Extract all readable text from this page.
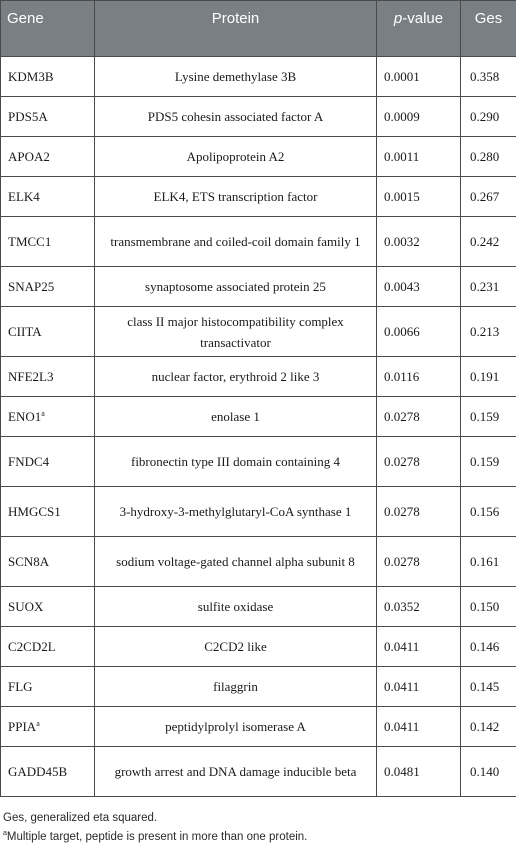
Gene	Protein	p-value	Ges
KDM3B	Lysine demethylase 3B	0.0001	0.358
PDS5A	PDS5 cohesin associated factor A	0.0009	0.290
APOA2	Apolipoprotein A2	0.0011	0.280
ELK4	ELK4, ETS transcription factor	0.0015	0.267
TMCC1	transmembrane and coiled-coil domain family 1	0.0032	0.242
SNAP25	synaptosome associated protein 25	0.0043	0.231
CIITA	class II major histocompatibility complex transactivator	0.0066	0.213
NFE2L3	nuclear factor, erythroid 2 like 3	0.0116	0.191
ENO1$^a$	enolase 1	0.0278	0.159
FNDC4	fibronectin type III domain containing 4	0.0278	0.159
HMGCS1	3-hydroxy-3-methylglutaryl-CoA synthase 1	0.0278	0.156
SCN8A	sodium voltage-gated channel alpha subunit 8	0.0278	0.161
SUOX	sulfite oxidase	0.0352	0.150
C2CD2L	C2CD2 like	0.0411	0.146
FLG	filaggrin	0.0411	0.145
PPIA$^a$	peptidylprolyl isomerase A	0.0411	0.142
GADD45B	growth arrest and DNA damage inducible beta	0.0481	0.140

Ges, generalized eta squared.

$^a$Multiple target, peptide is present in more than one protein.
